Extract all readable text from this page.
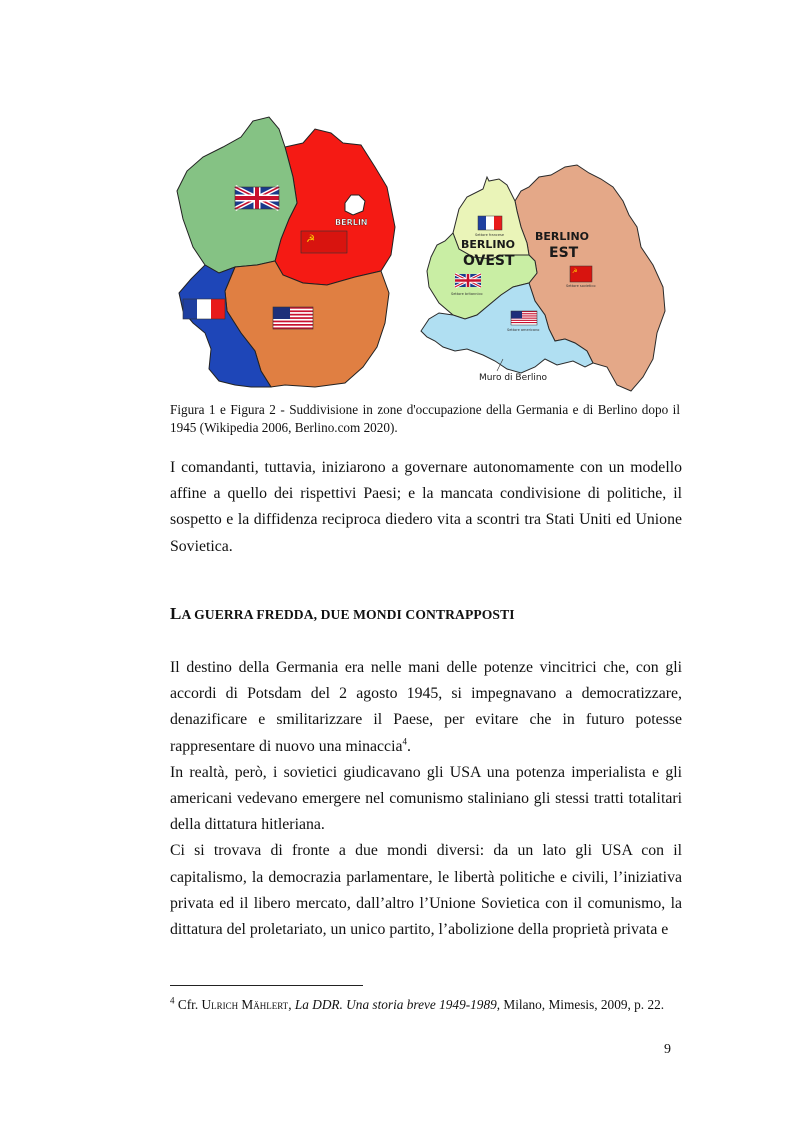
BERLIN
☭	BERLINO
OVEST
BERLINO
EST
Muro di Berlino
Settore francese
Settore britannico
Settore americano
☭
Settore sovietico
Figura 1 e Figura 2 - Suddivisione in zone d'occupazione della Germania e di Berlino dopo il 1945 (Wikipedia 2006, Berlino.com 2020).

I comandanti, tuttavia, iniziarono a governare autonomamente con un modello affine a quello dei rispettivi Paesi; e la mancata condivisione di politiche, il sospetto e la diffidenza reciproca diedero vita a scontri tra Stati Uniti ed Unione Sovietica.

LA GUERRA FREDDA, DUE MONDI CONTRAPPOSTI

Il destino della Germania era nelle mani delle potenze vincitrici che, con gli accordi di Potsdam del 2 agosto 1945, si impegnavano a democratizzare, denazificare e smilitarizzare il Paese, per evitare che in futuro potesse rappresentare di nuovo una minaccia$^4$.

In realtà, però, i sovietici giudicavano gli USA una potenza imperialista e gli americani vedevano emergere nel comunismo staliniano gli stessi tratti totalitari della dittatura hitleriana.

Ci si trovava di fronte a due mondi diversi: da un lato gli USA con il capitalismo, la democrazia parlamentare, le libertà politiche e civili, l’iniziativa privata ed il libero mercato, dall’altro l’Unione Sovietica con il comunismo, la dittatura del proletariato, un unico partito, l’abolizione della proprietà privata e

$^4$ Cfr. Ulrich Mählert, La DDR. Una storia breve 1949-1989, Milano, Mimesis, 2009, p. 22.
9
